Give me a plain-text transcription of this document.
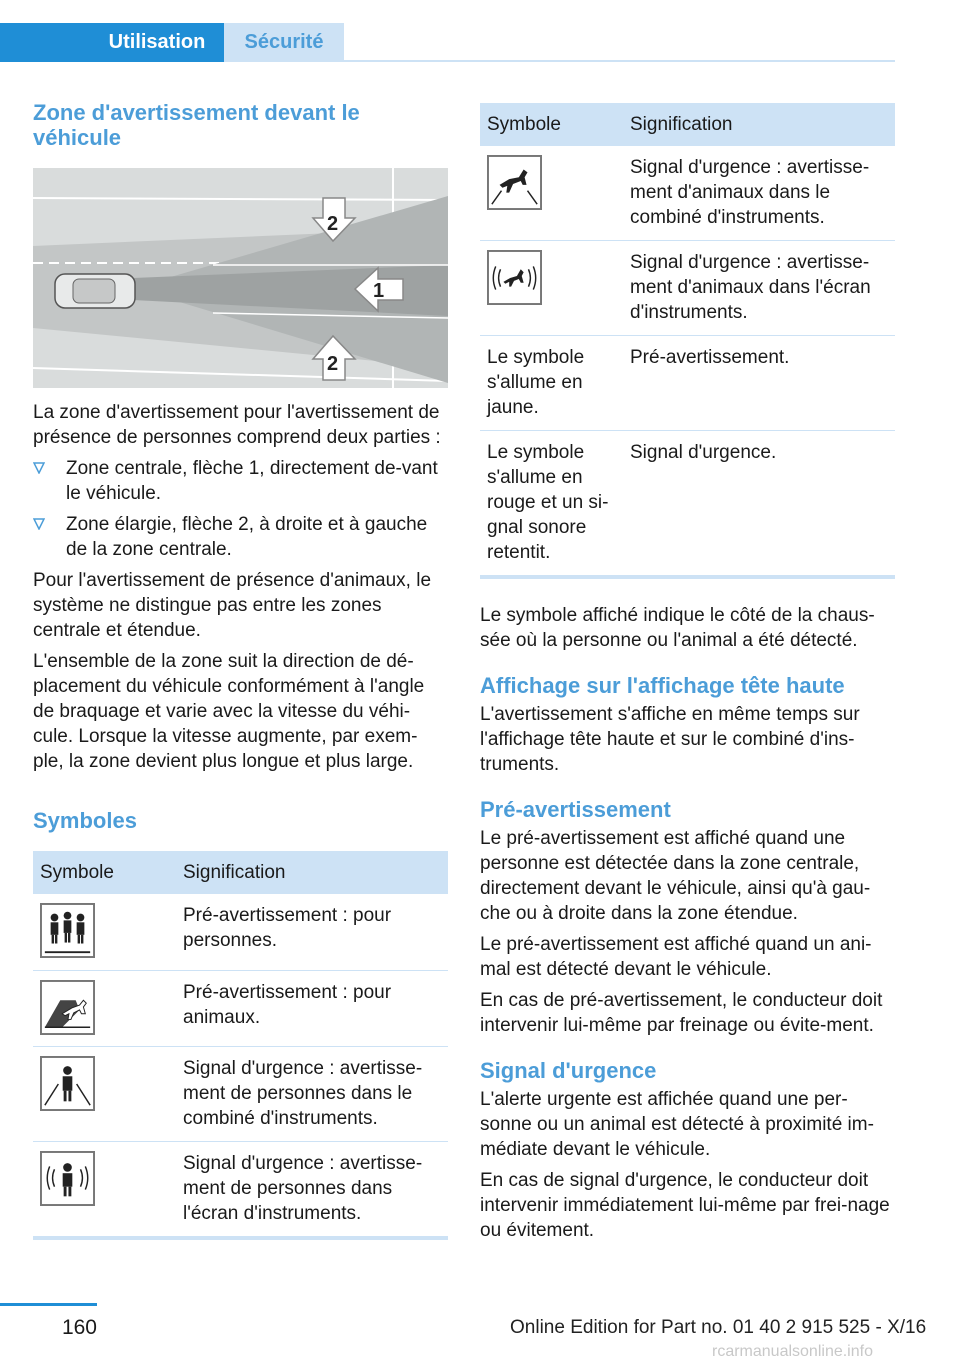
Utilisation	Sécurité
Zone d'avertissement devant le véhicule
1
2
2

La zone d'avertissement pour l'avertissement de présence de personnes comprend deux parties :

Zone centrale, flèche 1, directement de-vant le véhicule.
Zone élargie, flèche 2, à droite et à gauche de la zone centrale.

Pour l'avertissement de présence d'animaux, le système ne distingue pas entre les zones centrale et étendue.

L'ensemble de la zone suit la direction de dé-placement du véhicule conformément à l'angle de braquage et varie avec la vitesse du véhi-cule. Lorsque la vitesse augmente, par exem-ple, la zone devient plus longue et plus large.

Symboles
Symbole	Signification

	Pré-avertissement : pour personnes.

	Pré-avertissement : pour animaux.

	Signal d'urgence : avertisse-ment de personnes dans le combiné d'instruments.

	Signal d'urgence : avertisse-ment de personnes dans l'écran d'instruments.
Symbole	Signification

	Signal d'urgence : avertisse-ment d'animaux dans le combiné d'instruments.

	Signal d'urgence : avertisse-ment d'animaux dans l'écran d'instruments.
Le symbole s'allume en jaune.	Pré-avertissement.
Le symbole s'allume en rouge et un si-gnal sonore retentit.	Signal d'urgence.

Le symbole affiché indique le côté de la chaus-sée où la personne ou l'animal a été détecté.

Affichage sur l'affichage tête haute

L'avertissement s'affiche en même temps sur l'affichage tête haute et sur le combiné d'ins-truments.

Pré-avertissement

Le pré-avertissement est affiché quand une personne est détectée dans la zone centrale, directement devant le véhicule, ainsi qu'à gau-che ou à droite dans la zone étendue.

Le pré-avertissement est affiché quand un ani-mal est détecté devant le véhicule.

En cas de pré-avertissement, le conducteur doit intervenir lui-même par freinage ou évite-ment.

Signal d'urgence

L'alerte urgente est affichée quand une per-sonne ou un animal est détecté à proximité im-médiate devant le véhicule.

En cas de signal d'urgence, le conducteur doit intervenir immédiatement lui-même par frei-nage ou évitement.

160	Online Edition for Part no. 01 40 2 915 525 - X/16
rcarmanualsonline.info
